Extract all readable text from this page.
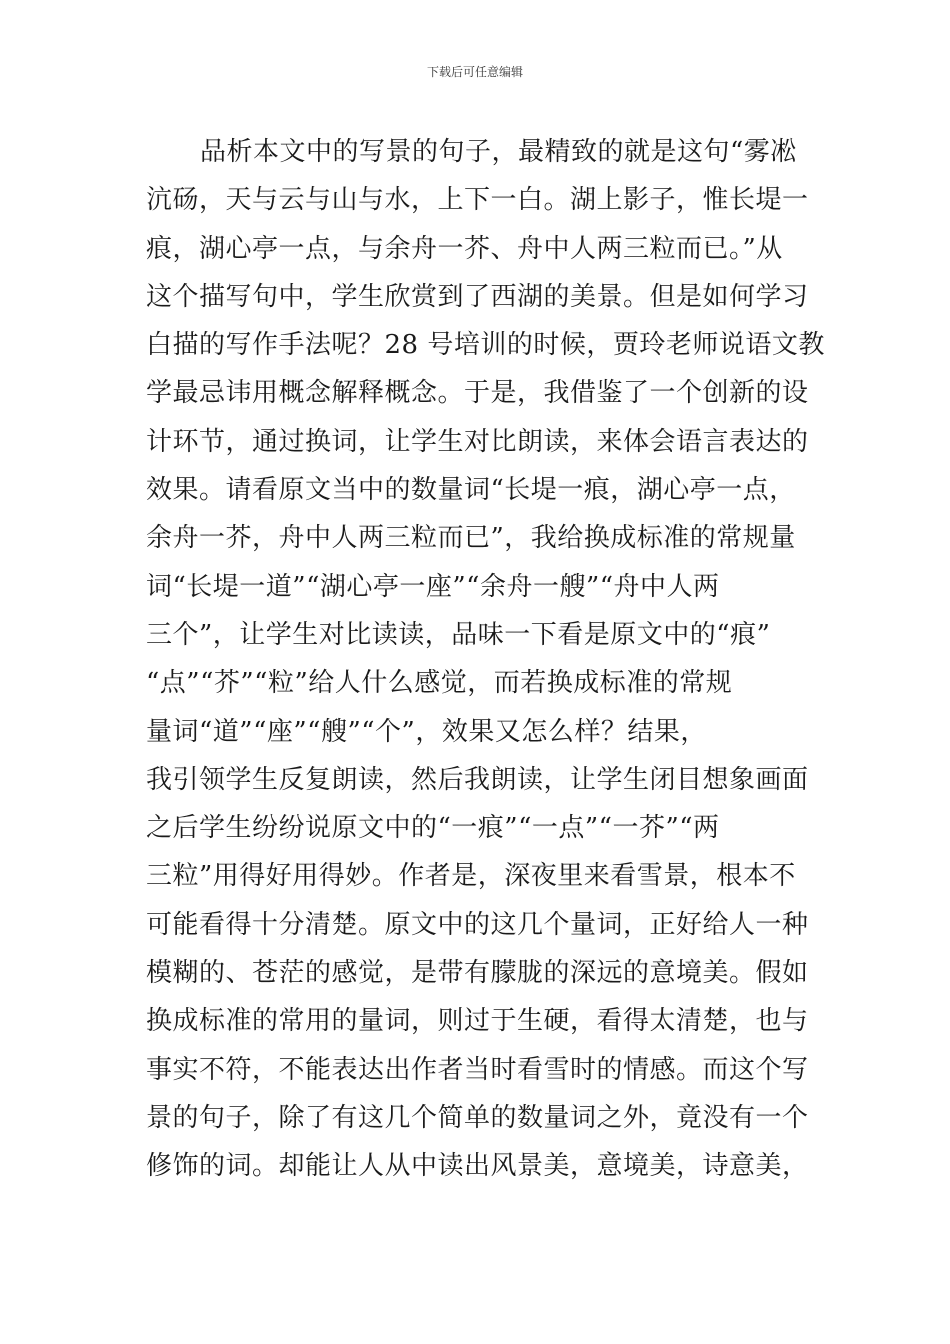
下载后可任意编辑
品析本文中的写景的句子，最精致的就是这句“雾凇
沆砀，天与云与山与水，上下一白。湖上影子，惟长堤一
痕，湖心亭一点，与余舟一芥、舟中人两三粒而已。”从
这个描写句中，学生欣赏到了西湖的美景。但是如何学习
白描的写作手法呢？28 号培训的时候，贾玲老师说语文教
学最忌讳用概念解释概念。于是，我借鉴了一个创新的设
计环节，通过换词，让学生对比朗读，来体会语言表达的
效果。请看原文当中的数量词“长堤一痕，湖心亭一点，
余舟一芥，舟中人两三粒而已”，我给换成标准的常规量
词“长堤一道”“湖心亭一座”“余舟一艘”“舟中人两
三个”，让学生对比读读，品味一下看是原文中的“痕”
“点”“芥”“粒”给人什么感觉，而若换成标准的常规
量词“道”“座”“艘”“个”，效果又怎么样？结果，
我引领学生反复朗读，然后我朗读，让学生闭目想象画面
之后学生纷纷说原文中的“一痕”“一点”“一芥”“两
三粒”用得好用得妙。作者是，深夜里来看雪景，根本不
可能看得十分清楚。原文中的这几个量词，正好给人一种
模糊的、苍茫的感觉，是带有朦胧的深远的意境美。假如
换成标准的常用的量词，则过于生硬，看得太清楚，也与
事实不符，不能表达出作者当时看雪时的情感。而这个写
景的句子，除了有这几个简单的数量词之外，竟没有一个
修饰的词。却能让人从中读出风景美，意境美，诗意美，
